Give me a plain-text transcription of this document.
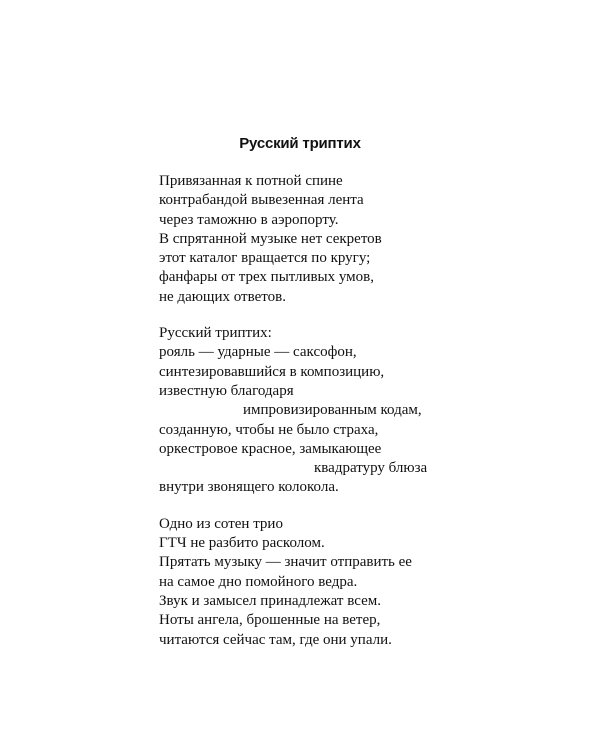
Русский триптих
Привязанная к потной спине
контрабандой вывезенная лента
через таможню в аэропорту.
В спрятанной музыке нет секретов
этот каталог вращается по кругу;
фанфары от трех пытливых умов,
не дающих ответов.
Русский триптих:
рояль — ударные — саксофон,
синтезировавшийся в композицию,
известную благодаря
импровизированным кодам,
созданную, чтобы не было страха,
оркестровое красное, замыкающее
квадратуру блюза
внутри звонящего колокола.
Одно из сотен трио
ГТЧ не разбито расколом.
Прятать музыку — значит отправить ее
на самое дно помойного ведра.
Звук и замысел принадлежат всем.
Ноты ангела, брошенные на ветер,
читаются сейчас там, где они упали.
